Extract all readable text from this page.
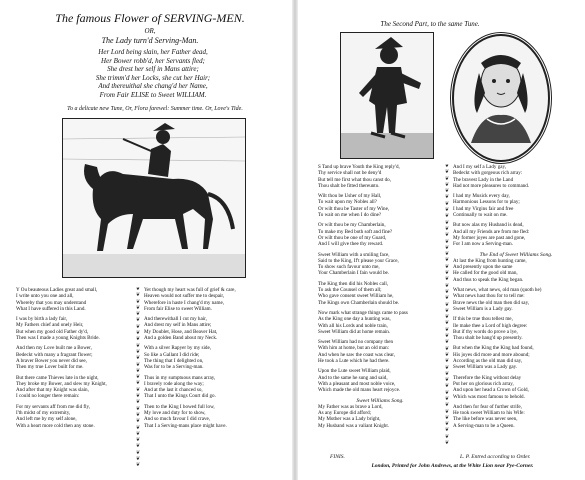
The famous Flower of SERVING-MEN.
OR,
The Lady turn'd Serving-Man.
Her Lord being slain, her Father dead,
Her Bower robb'd, her Servants fled;
She drest her self in Mans attire;
She trimm'd her Locks, she cut her Hair;
And thereuithal she chang'd her Name,
From Fair ELISE to Sweet WILLIAM.
To a delicate new Tune, Or, Flora farewel: Summer time. Or, Love's Tide.
Y Ou beauteous Ladies great and small,
I write unto you one and all,
Whereby that you may understand
What I have suffered in this Land.
I was by birth a lady fair,
My Fathers chief and onely Heir,
But when my good old Father dy'd,
Then was I made a young Knights Bride.
And then my Love built me a Bower,
Bedeckt with many a fragrant flower;
A braver Bower you never did see,
Then my true Lover built for me.
But there came Thieves late in the night,
They broke my Bower, and slew my Knight,
And after that my Knight was slain,
I could no longer there remain:
For my servants aff from me did fly,
I'th midst of my extremity,
And left me by my self alone,
With a heart more cold then any stone.
❦
❦
❦
❦
❦
❦
❦
❦
❦
❦
❦
❦
❦
❦
❦
❦
❦
❦
❦
❦
❦
❦
❦
❦
❦
❦
❦
❦
❦
Yet though my heart was full of grief & care,
Heaven would not suffer me to despair,
Wherefore in haste I chang'd my name,
From fair Elise to sweet William.
And therewithall I cut my hair,
And drest my self in Mans attire;
My Doublet, Hose, and Beaver Hat,
And a golden Band about my Neck.
With a silver Rapyer by my side,
So like a Gallant I did ride;
The thing that I delighted on,
Was for to be a Serving-man.
Thus in my sumptuous mans array,
I bravely rode along the way;
And at the last it chanced so,
That I unto the Kings Court did go.
Then to the King I bowed full low,
My love and duty for to show,
And so much favour I did crave,
That I a Serving-mans place might have.
The Second Part, to the same Tune.
S Tand up brave Youth the King reply'd,
Thy service shall not be deny'd
But tell me first what thou canst do,
Thou shalt be fitted thereunto.
Wilt thou be Usher of my Hall,
To wait upon my Nobles all?
Or wilt thou be Taster of my Wine,
To wait on me when I do dine?
Or wilt thou be my Chamberlain,
To make my Bed both soft and fine?
Or wilt thou be one of my Guard,
And I will give thee thy reward.
Sweet William with a smiling face,
Said to the King, If't please your Grace,
To show such favour unto me,
Your Chamberlain I fain would be.
The King then did his Nobles call,
To ask the Counsel of them all;
Who gave consent sweet William he,
The Kings own Chamberlain should be.
Now mark what strange things came to pass
As the King one day a hunting was,
With all his Lords and noble train,
Sweet William did at home remain.
Sweet William had no company then
With him at home, but an old man:
And when he saw the coast was clear,
He took a Lute which he had there.
Upon the Lute sweet William plaid,
And to the same he sung and said,
With a pleasant and most noble voice,
Which made the old mans heart rejoyce.
Sweet Williams Song.
My Father was as brave a Lord,
As any Europe did afford;
My Mother was a Lady bright,
My Husband was a valiant Knight.
❦
❦
❦
❦
❦
❦
❦
❦
❦
❦
❦
❦
❦
❦
❦
❦
❦
❦
❦
❦
❦
❦
❦
❦
❦
❦
❦
❦
❦
❦
❦
❦
❦
❦
❦
❦
❦
❦
❦
❦
❦
❦
❦
❦
❦
And I my self a Lady gay,
Bedeckt with gorgeous rich array:
The bravest Lady in the Land
Had not more pleasures to command.
I had my Musick every day,
Harmonious Lessons for to play;
I had my Virgins fair and free
Continually to wait on me.
But now alas my Husband is dead,
And all my Friends are from me fled:
My former joyes are past and gone,
For I am now a Serving-man.
The End of Sweet Williams Song.
At last the King from hunting came,
And presently upon the same
He called for the good old man,
And thus to speak the King began.
What news, what news, old man (quoth he)
What news hast thou for to tell me:
Brave news the old man then did say,
Sweet William is a Lady gay.
If this be true thou tellest me,
Ile make thee a Lord of high degree:
But if thy words do prove a lye,
Thou shalt be hang'd up presently.
But when the King the King had found,
His joyes did more and more abound;
According as the old man did say,
Sweet William was a Lady gay.
Therefore the King without delay
Put her on glorious rich array,
And upon her head a Crown of Gold,
Which was most famous to behold.
And then for fear of further strife,
He took sweet William to his Wife:
The like before was never seen,
A Serving-man to be a Queen.
FINIS.	L. P. Entred according to Order.
London, Printed for John Andrews, at the White Lion near Pye-Corner.
